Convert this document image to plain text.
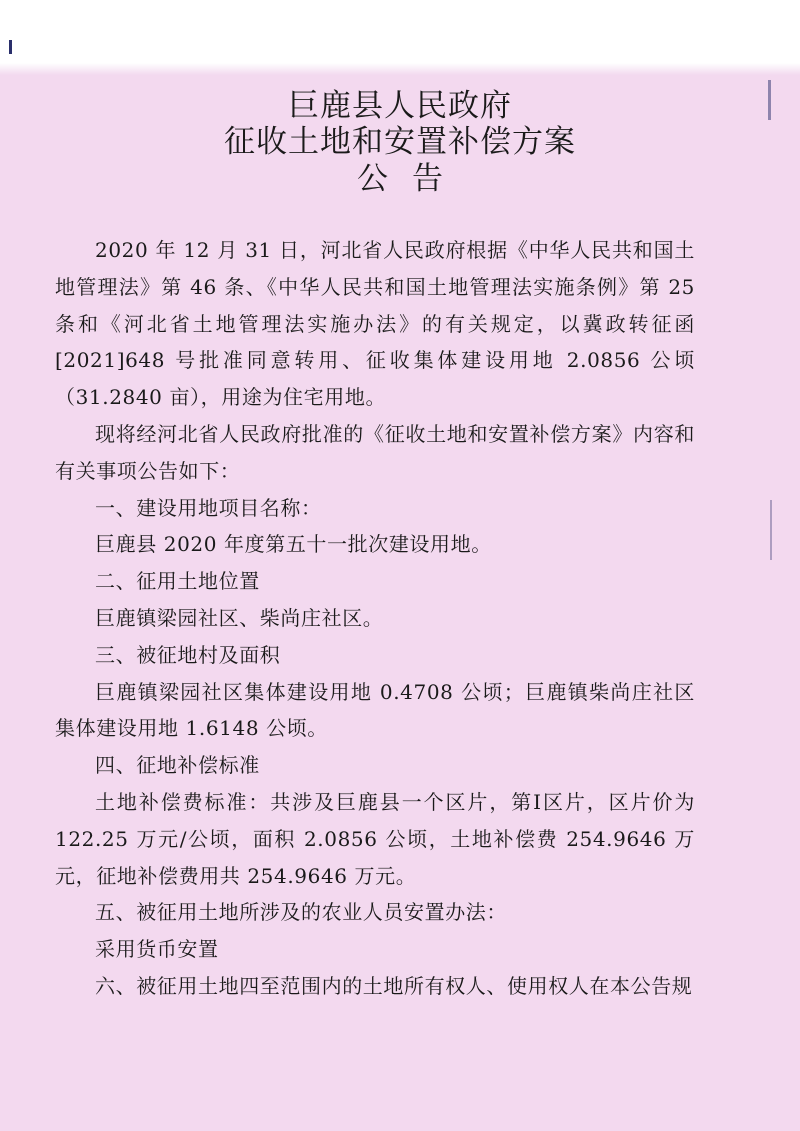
巨鹿县人民政府
征收土地和安置补偿方案
公告

2020 年 12 月 31 日，河北省人民政府根据《中华人民共和国土地管理法》第 46 条、《中华人民共和国土地管理法实施条例》第 25 条和《河北省土地管理法实施办法》的有关规定，以冀政转征函[2021]648 号批准同意转用、征收集体建设用地 2.0856 公顷（31.2840 亩），用途为住宅用地。

现将经河北省人民政府批准的《征收土地和安置补偿方案》内容和有关事项公告如下：

一、建设用地项目名称：

巨鹿县 2020 年度第五十一批次建设用地。

二、征用土地位置

巨鹿镇梁园社区、柴尚庄社区。

三、被征地村及面积

巨鹿镇梁园社区集体建设用地 0.4708 公顷；巨鹿镇柴尚庄社区集体建设用地 1.6148 公顷。

四、征地补偿标准

土地补偿费标准：共涉及巨鹿县一个区片，第Ⅰ区片，区片价为 122.25 万元/公顷，面积 2.0856 公顷，土地补偿费 254.9646 万元，征地补偿费用共 254.9646 万元。

五、被征用土地所涉及的农业人员安置办法：

采用货币安置

六、被征用土地四至范围内的土地所有权人、使用权人在本公告规
